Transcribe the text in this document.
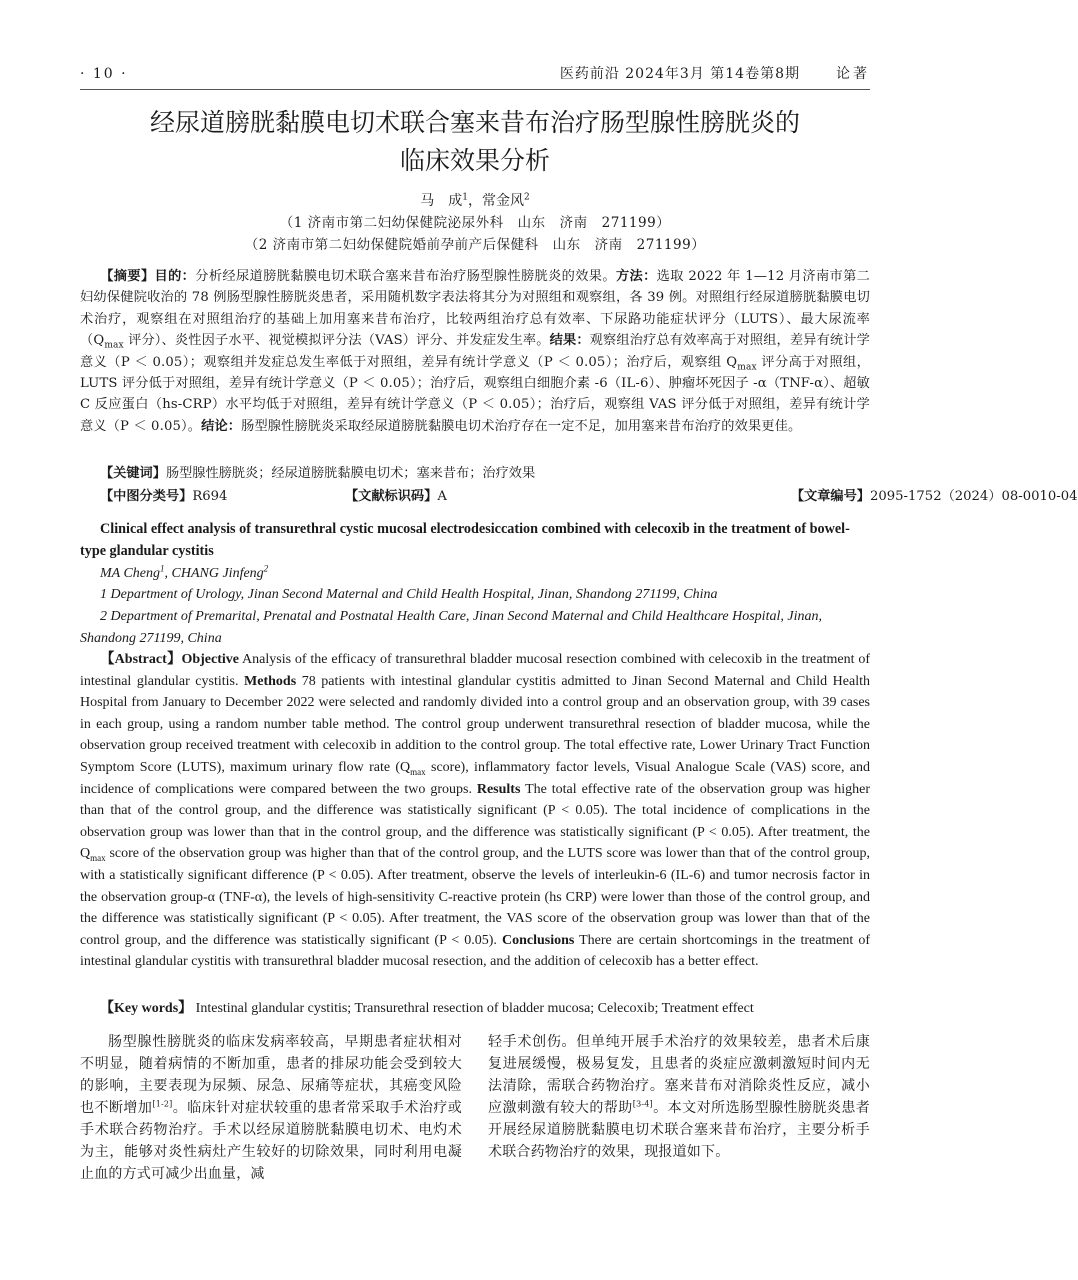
· 10 ·	医药前沿 2024年3月 第14卷第8期	论著
经尿道膀胱黏膜电切术联合塞来昔布治疗肠型腺性膀胱炎的
临床效果分析
马　成$^1$，常金风$^2$
（1 济南市第二妇幼保健院泌尿外科　山东　济南　271199）
（2 济南市第二妇幼保健院婚前孕前产后保健科　山东　济南　271199）
【摘要】目的：分析经尿道膀胱黏膜电切术联合塞来昔布治疗肠型腺性膀胱炎的效果。方法：选取 2022 年 1—12 月济南市第二妇幼保健院收治的 78 例肠型腺性膀胱炎患者，采用随机数字表法将其分为对照组和观察组，各 39 例。对照组行经尿道膀胱黏膜电切术治疗，观察组在对照组治疗的基础上加用塞来昔布治疗，比较两组治疗总有效率、下尿路功能症状评分（LUTS）、最大尿流率（$Q_{max}$ 评分）、炎性因子水平、视觉模拟评分法（VAS）评分、并发症发生率。结果：观察组治疗总有效率高于对照组，差异有统计学意义（P ＜ 0.05）；观察组并发症总发生率低于对照组，差异有统计学意义（P ＜ 0.05）；治疗后，观察组 $Q_{max}$ 评分高于对照组，LUTS 评分低于对照组，差异有统计学意义（P ＜ 0.05）；治疗后，观察组白细胞介素 -6（IL-6）、肿瘤坏死因子 -α（TNF-α）、超敏 C 反应蛋白（hs-CRP）水平均低于对照组，差异有统计学意义（P ＜ 0.05）；治疗后，观察组 VAS 评分低于对照组，差异有统计学意义（P ＜ 0.05）。结论：肠型腺性膀胱炎采取经尿道膀胱黏膜电切术治疗存在一定不足，加用塞来昔布治疗的效果更佳。
【关键词】肠型腺性膀胱炎；经尿道膀胱黏膜电切术；塞来昔布；治疗效果
【中图分类号】 R694	【文献标识码】 A	【文章编号】 2095-1752（2024）08-0010-04
Clinical effect analysis of transurethral cystic mucosal electrodesiccation combined with celecoxib in the treatment of bowel-type glandular cystitis
MA Cheng$^1$, CHANG Jinfeng$^2$
1 Department of Urology, Jinan Second Maternal and Child Health Hospital, Jinan, Shandong 271199, China
2 Department of Premarital, Prenatal and Postnatal Health Care, Jinan Second Maternal and Child Healthcare Hospital, Jinan, Shandong 271199, China
【Abstract】Objective Analysis of the efficacy of transurethral bladder mucosal resection combined with celecoxib in the treatment of intestinal glandular cystitis. Methods 78 patients with intestinal glandular cystitis admitted to Jinan Second Maternal and Child Health Hospital from January to December 2022 were selected and randomly divided into a control group and an observation group, with 39 cases in each group, using a random number table method. The control group underwent transurethral resection of bladder mucosa, while the observation group received treatment with celecoxib in addition to the control group. The total effective rate, Lower Urinary Tract Function Symptom Score (LUTS), maximum urinary flow rate ($Q_{max}$ score), inflammatory factor levels, Visual Analogue Scale (VAS) score, and incidence of complications were compared between the two groups. Results The total effective rate of the observation group was higher than that of the control group, and the difference was statistically significant (P < 0.05). The total incidence of complications in the observation group was lower than that in the control group, and the difference was statistically significant (P < 0.05). After treatment, the $Q_{max}$ score of the observation group was higher than that of the control group, and the LUTS score was lower than that of the control group, with a statistically significant difference (P < 0.05). After treatment, observe the levels of interleukin-6 (IL-6) and tumor necrosis factor in the observation group-α (TNF-α), the levels of high-sensitivity C-reactive protein (hs CRP) were lower than those of the control group, and the difference was statistically significant (P < 0.05). After treatment, the VAS score of the observation group was lower than that of the control group, and the difference was statistically significant (P < 0.05). Conclusions There are certain shortcomings in the treatment of intestinal glandular cystitis with transurethral bladder mucosal resection, and the addition of celecoxib has a better effect.
【Key words】 Intestinal glandular cystitis; Transurethral resection of bladder mucosa; Celecoxib; Treatment effect
肠型腺性膀胱炎的临床发病率较高，早期患者症状相对不明显，随着病情的不断加重，患者的排尿功能会受到较大的影响，主要表现为尿频、尿急、尿痛等症状，其癌变风险也不断增加[1-2]。临床针对症状较重的患者常采取手术治疗或手术联合药物治疗。手术以经尿道膀胱黏膜电切术、电灼术为主，能够对炎性病灶产生较好的切除效果，同时利用电凝止血的方式可减少出血量，减
轻手术创伤。但单纯开展手术治疗的效果较差，患者术后康复进展缓慢，极易复发，且患者的炎症应激刺激短时间内无法清除，需联合药物治疗。塞来昔布对消除炎性反应，减小应激刺激有较大的帮助[3-4]。本文对所选肠型腺性膀胱炎患者开展经尿道膀胱黏膜电切术联合塞来昔布治疗，主要分析手术联合药物治疗的效果，现报道如下。
